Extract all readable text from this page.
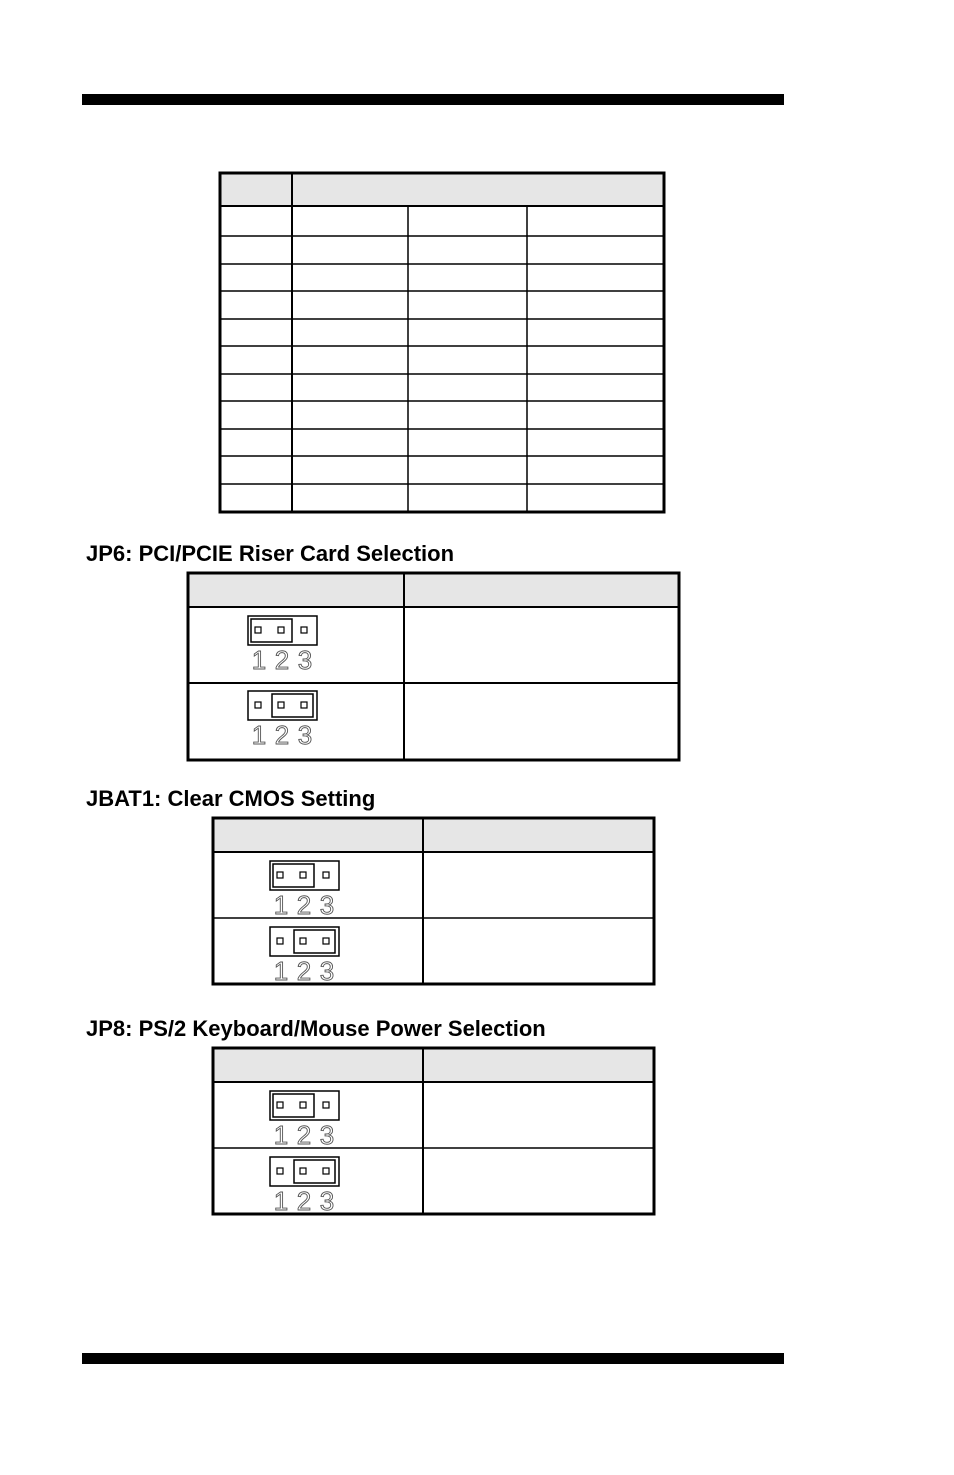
JP6: PCI/PCIE Riser Card Selection
JBAT1: Clear CMOS Setting
JP8: PS/2 Keyboard/Mouse Power Selection
1 2 3
1 2 3
1 2 3
1 2 3
1 2 3
1 2 3
